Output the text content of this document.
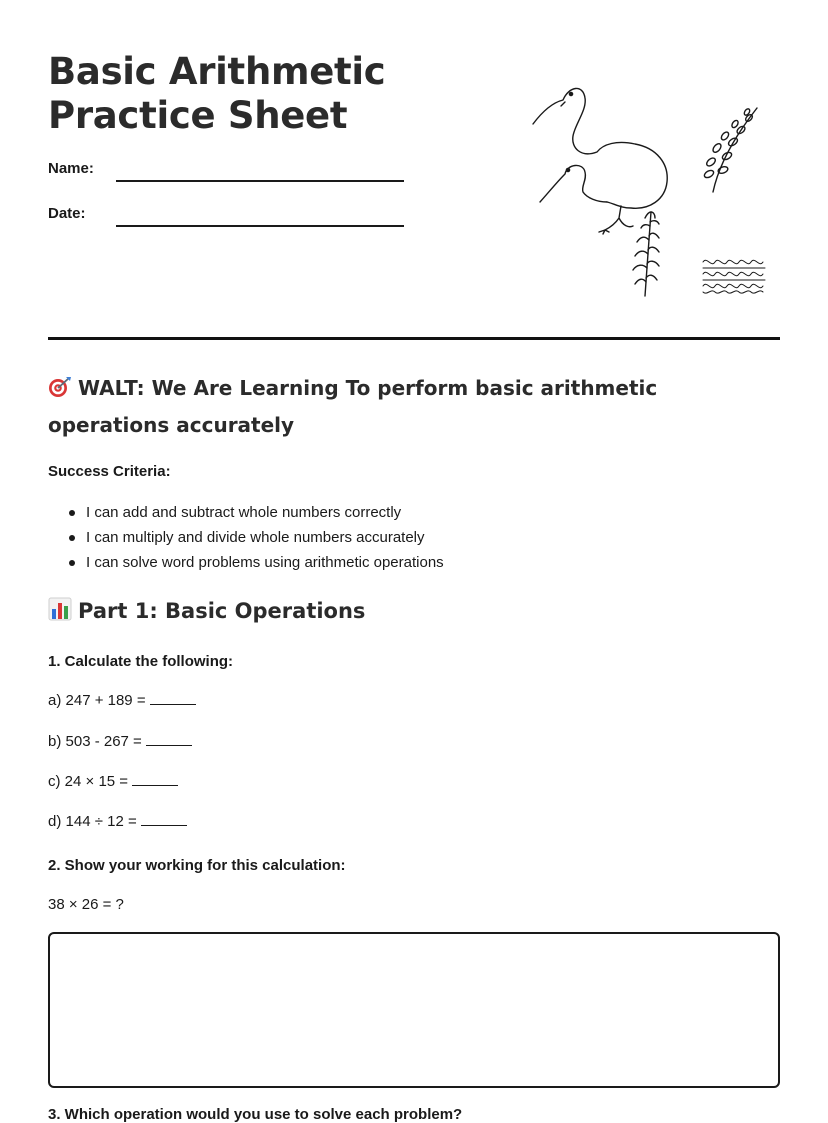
Basic Arithmetic
Practice Sheet
Name:
Date:
WALT: We Are Learning To perform basic arithmetic operations accurately
Success Criteria:
I can add and subtract whole numbers correctly
I can multiply and divide whole numbers accurately
I can solve word problems using arithmetic operations
Part 1: Basic Operations
1. Calculate the following:
a) 247 + 189 =
b) 503 - 267 =
c) 24 × 15 =
d) 144 ÷ 12 =
2. Show your working for this calculation:
38 × 26 = ?
3. Which operation would you use to solve each problem?
